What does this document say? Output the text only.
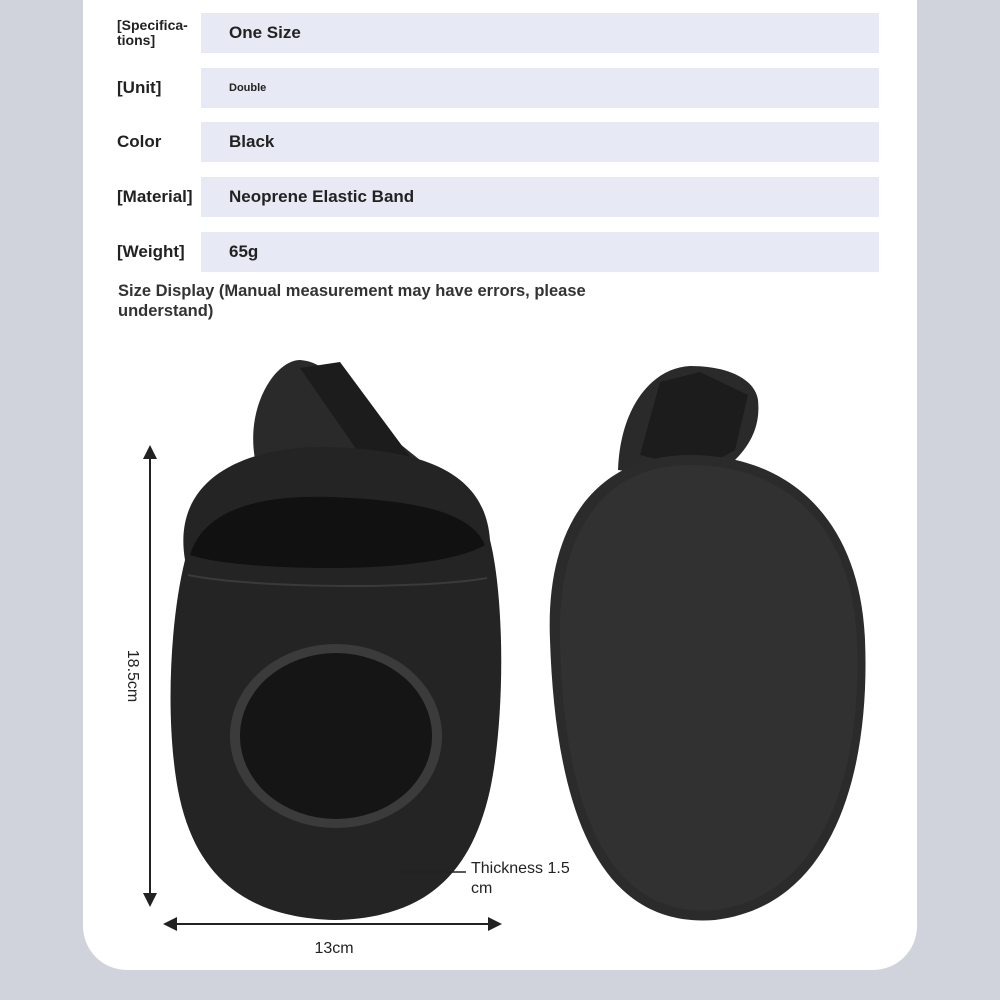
[Specifica-
tions]	One Size
[Unit]	Double
Color	Black
[Material] Neoprene Elastic Band
[Weight]	65g
Size Display (Manual measurement may have errors, please understand)
18.5cm
13cm
Thickness 1.5
cm
